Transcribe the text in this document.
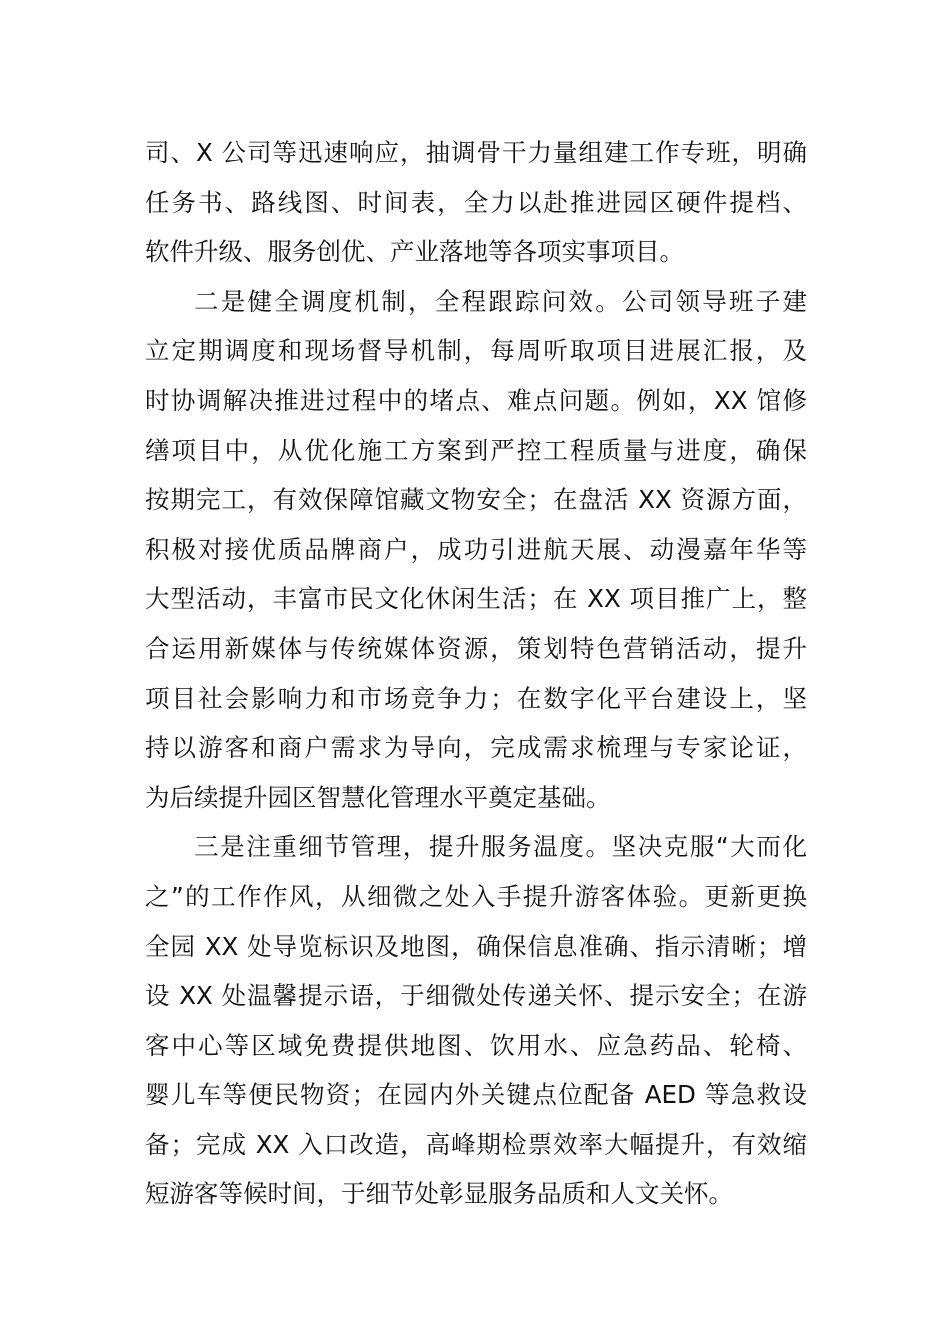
司、X 公司等迅速响应，抽调骨干力量组建工作专班，明确
任务书、路线图、时间表，全力以赴推进园区硬件提档、
软件升级、服务创优、产业落地等各项实事项目。
二是健全调度机制，全程跟踪问效。公司领导班子建
立定期调度和现场督导机制，每周听取项目进展汇报，及
时协调解决推进过程中的堵点、难点问题。例如，XX 馆修
缮项目中，从优化施工方案到严控工程质量与进度，确保
按期完工，有效保障馆藏文物安全；在盘活 XX 资源方面，
积极对接优质品牌商户，成功引进航天展、动漫嘉年华等
大型活动，丰富市民文化休闲生活；在 XX 项目推广上，整
合运用新媒体与传统媒体资源，策划特色营销活动，提升
项目社会影响力和市场竞争力；在数字化平台建设上，坚
持以游客和商户需求为导向，完成需求梳理与专家论证，
为后续提升园区智慧化管理水平奠定基础。
三是注重细节管理，提升服务温度。坚决克服“大而化
之”的工作作风，从细微之处入手提升游客体验。更新更换
全园 XX 处导览标识及地图，确保信息准确、指示清晰；增
设 XX 处温馨提示语，于细微处传递关怀、提示安全；在游
客中心等区域免费提供地图、饮用水、应急药品、轮椅、
婴儿车等便民物资；在园内外关键点位配备 AED 等急救设
备；完成 XX 入口改造，高峰期检票效率大幅提升，有效缩
短游客等候时间，于细节处彰显服务品质和人文关怀。
